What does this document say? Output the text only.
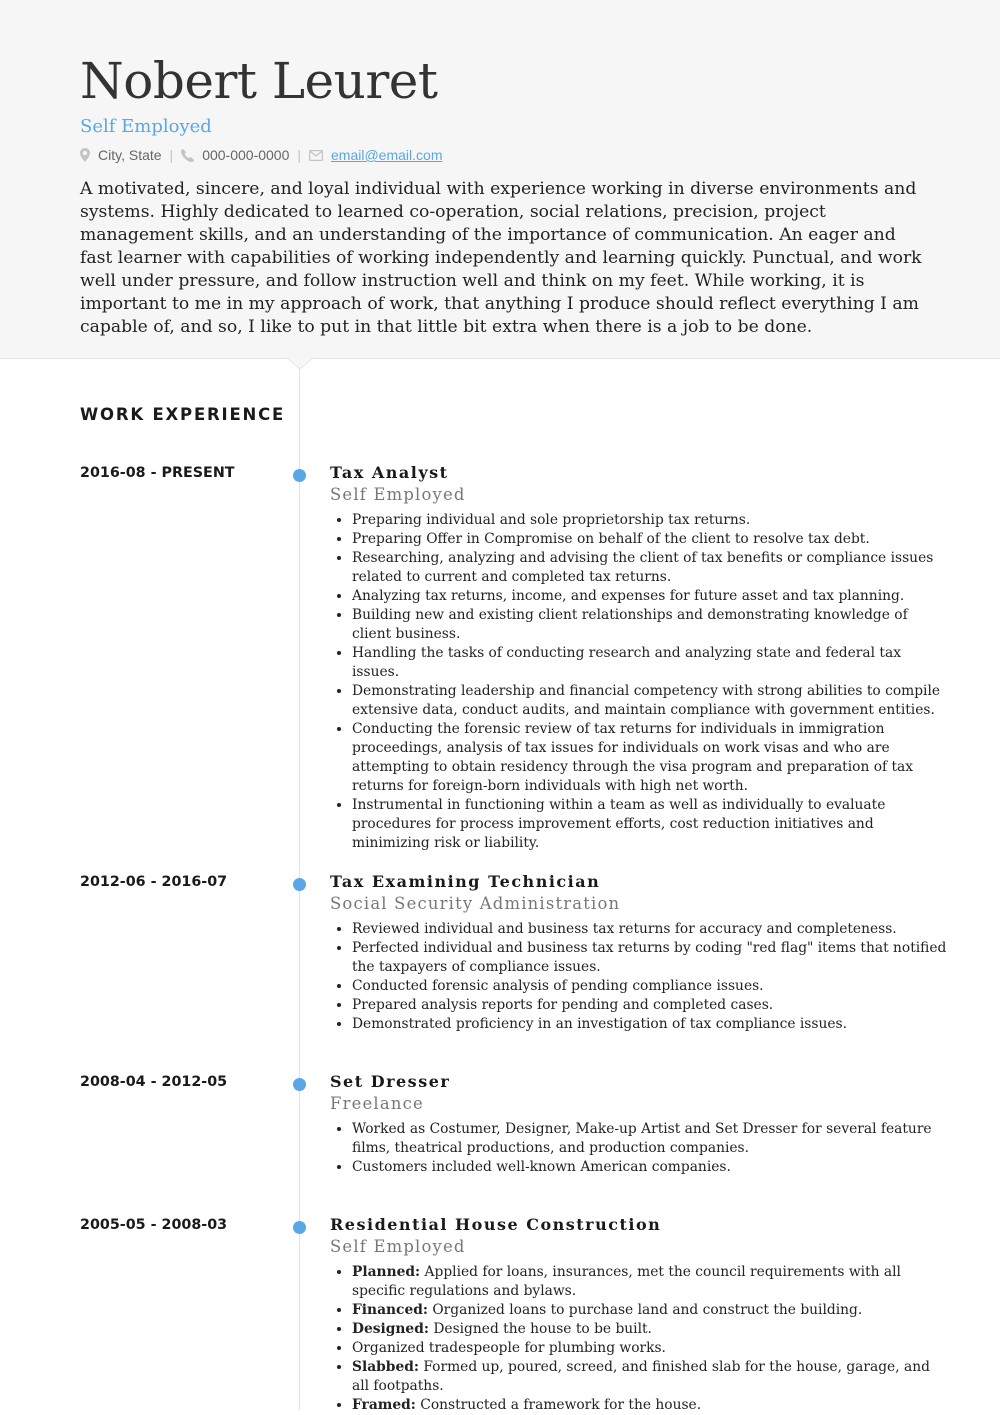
Nobert Leuret
Self Employed
City, State | 000-000-0000 | email@email.com

A motivated, sincere, and loyal individual with experience working in diverse environments and systems. Highly dedicated to learned co-operation, social relations, precision, project management skills, and an understanding of the importance of communication. An eager and fast learner with capabilities of working independently and learning quickly. Punctual, and work well under pressure, and follow instruction well and think on my feet. While working, it is important to me in my approach of work, that anything I produce should reflect everything I am capable of, and so, I like to put in that little bit extra when there is a job to be done.

WORK EXPERIENCE
2016-08 - PRESENT	Tax Analyst
Self Employed
• Preparing individual and sole proprietorship tax returns.
• Preparing Offer in Compromise on behalf of the client to resolve tax debt.
• Researching, analyzing and advising the client of tax benefits or compliance issues related to current and completed tax returns.
• Analyzing tax returns, income, and expenses for future asset and tax planning.
• Building new and existing client relationships and demonstrating knowledge of client business.
• Handling the tasks of conducting research and analyzing state and federal tax issues.
• Demonstrating leadership and financial competency with strong abilities to compile extensive data, conduct audits, and maintain compliance with government entities.
• Conducting the forensic review of tax returns for individuals in immigration proceedings, analysis of tax issues for individuals on work visas and who are attempting to obtain residency through the visa program and preparation of tax returns for foreign-born individuals with high net worth.
• Instrumental in functioning within a team as well as individually to evaluate procedures for process improvement efforts, cost reduction initiatives and minimizing risk or liability.
2012-06 - 2016-07	Tax Examining Technician
Social Security Administration
• Reviewed individual and business tax returns for accuracy and completeness.
• Perfected individual and business tax returns by coding "red flag" items that notified the taxpayers of compliance issues.
• Conducted forensic analysis of pending compliance issues.
• Prepared analysis reports for pending and completed cases.
• Demonstrated proficiency in an investigation of tax compliance issues.
2008-04 - 2012-05	Set Dresser
Freelance
• Worked as Costumer, Designer, Make-up Artist and Set Dresser for several feature films, theatrical productions, and production companies.
• Customers included well-known American companies.
2005-05 - 2008-03	Residential House Construction
Self Employed
• Planned: Applied for loans, insurances, met the council requirements with all specific regulations and bylaws.
• Financed: Organized loans to purchase land and construct the building.
• Designed: Designed the house to be built.
• Organized tradespeople for plumbing works.
• Slabbed: Formed up, poured, screed, and finished slab for the house, garage, and all footpaths.
• Framed: Constructed a framework for the house.
